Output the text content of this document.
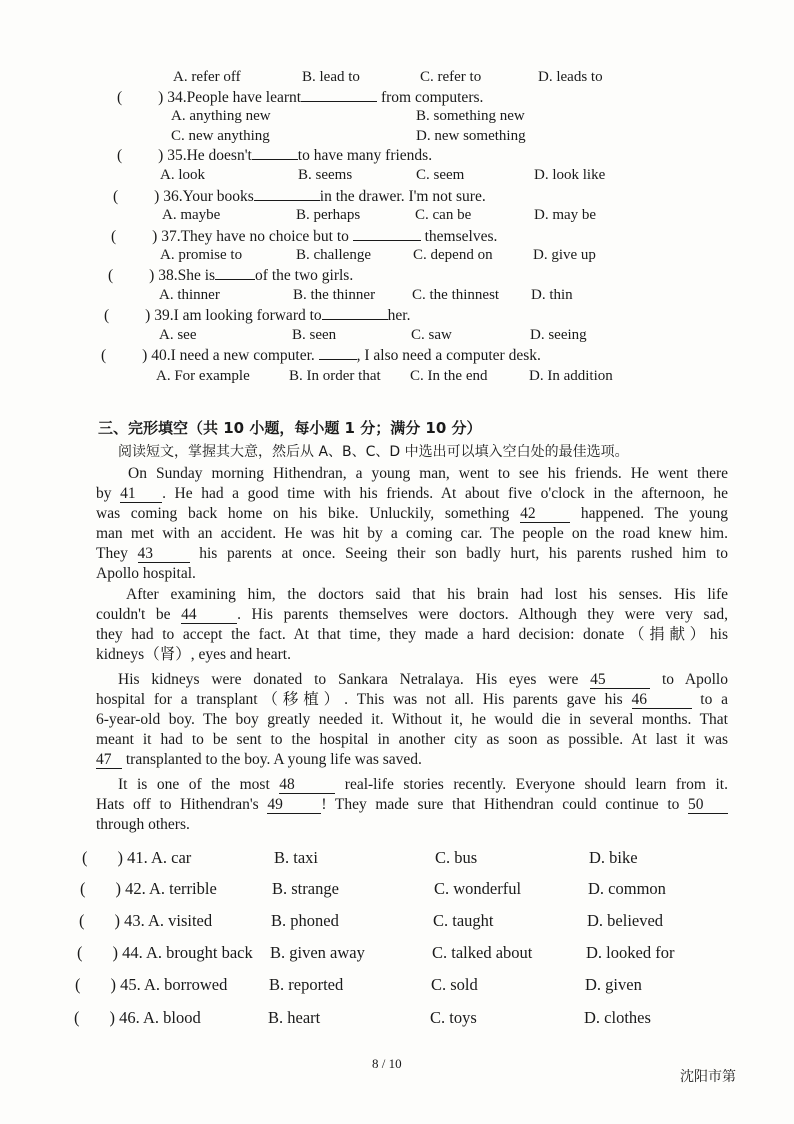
A. refer off	B. lead to	C. refer to	D. leads to
( ) 34.People have learnt	from computers.
A. anything new	B. something new
C. new anything	D. new something
( ) 35.He doesn't	to have many friends.
A. look	B. seems	C. seem	D. look like
( ) 36.Your books	in the drawer. I'm not sure.
A. maybe	B. perhaps	C. can be	D. may be
( ) 37.They have no choice but to	themselves.
A. promise to	B. challenge	C. depend on	D. give up
( ) 38.She is	of the two girls.
A. thinner	B. the thinner C. the thinnest D. thin
( ) 39.I am looking forward to	her.
A. see	B. seen	C. saw	D. seeing
( ) 40.I need a new computer.	, I also need a computer desk.
A. For example	B. In order that C. In the end	D. In addition
三、完形填空（共 10 小题，每小题 1 分；满分 10 分）
阅读短文，掌握其大意，然后从 A、B、C、D 中选出可以填入空白处的最佳选项。
On Sunday morning Hithendran, a young man, went to see his friends. He went there
by 41 . He had a good time with his friends. At about five o'clock in the afternoon, he
was coming back home on his bike. Unluckily, something 42	happened. The young
man met with an accident. He was hit by a coming car. The people on the road knew him.
They 43	his parents at once. Seeing their son badly hurt, his parents rushed him to
Apollo hospital.
After examining him, the doctors said that his brain had lost his senses. His life
couldn't be 44	. His parents themselves were doctors. Although they were very sad,
they had to accept the fact. At that time, they made a hard decision: donate（捐献）his
kidneys（肾）, eyes and heart.
His kidneys were donated to Sankara Netralaya. His eyes were 45	to Apollo
hospital for a transplant（移植）. This was not all. His parents gave his 46	to a
6-year-old boy. The boy greatly needed it. Without it, he would die in several months. That
meant it had to be sent to the hospital in another city as soon as possible. At last it was
47 transplanted to the boy. A young life was saved.
It is one of the most 48	real-life stories recently. Everyone should learn from it.
Hats off to Hithendran's 49 ! They made sure that Hithendran could continue to 50
through others.
( ) 41. A. car	B. taxi	C. bus	D. bike
( ) 42. A. terrible	B. strange	C. wonderful	D. common
( ) 43. A. visited	B. phoned	C. taught	D. believed
( ) 44. A. brought back B. given away	C. talked about	D. looked for
( ) 45. A. borrowed	B. reported	C. sold	D. given
( ) 46. A. blood	B. heart	C. toys	D. clothes
8 / 10
沈阳市第
